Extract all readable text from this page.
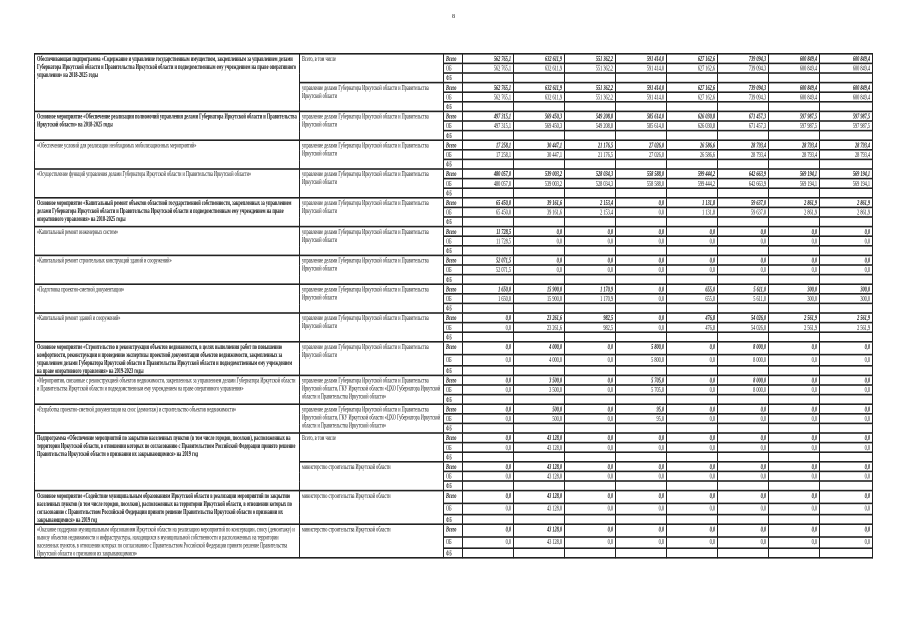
8
Обеспечивающая подпрограмма «Содержание и управление государственным имуществом, закрепленным за управлением делами Губернатора Иркутской области и Правительства Иркутской области и подведомственным ему учреждением на праве оперативного управления» на 2018-2025 годы	Всего, в том числе	Всего	562 765,1	632 611,9	551 362,2	591 414,0	627 162,6	739 094,3	600 849,4	600 849,4
		ОБ	562 765,1	632 611,9	551 362,2	591 414,0	627 162,6	739 094,3	600 849,4	600 849,4
		ФБ								
	управление делами Губернатора Иркутской области и Правительства Иркутской области	Всего	562 765,1	632 611,9	551 362,2	591 414,0	627 162,6	739 094,3	600 849,4	600 849,4
		ОБ	562 765,1	632 611,9	551 362,2	591 414,0	627 162,6	739 094,3	600 849,4	600 849,4
		ФБ								
Основное мероприятие «Обеспечение реализации полномочий управления делами Губернатора Иркутской области и Правительства Иркутской области» на 2018-2025 годы	управление делами Губернатора Иркутской области и Правительства Иркутской области	Всего	497 315,1	569 450,3	549 208,8	585 614,0	626 030,8	671 457,3	597 987,5	597 987,5
		ОБ	497 315,1	569 450,3	549 208,8	585 614,0	626 030,8	671 457,3	597 987,5	597 987,5
		ФБ								
«Обеспечение условий для реализации необходимых мобилизационных мероприятий»	управление делами Губернатора Иркутской области и Правительства Иркутской области	Всего	17 258,1	30 447,1	21 176,5	27 026,0	26 586,6	28 793,4	28 793,4	28 793,4
		ОБ	17 258,1	30 447,1	21 176,5	27 026,0	26 586,6	28 793,4	28 793,4	28 793,4
		ФБ								
«Осуществление функций управления делами Губернатора Иркутской области и Правительства Иркутской области»	управление делами Губернатора Иркутской области и Правительства Иркутской области	Всего	480 057,0	539 003,2	528 034,3	558 588,0	599 444,2	642 663,9	569 194,1	569 194,1
		ОБ	480 057,0	539 003,2	528 034,3	558 588,0	599 444,2	642 663,9	569 194,1	569 194,1
		ФБ								
Основное мероприятие «Капитальный ремонт объектов областной государственной собственности, закрепленных за управлением делами Губернатора Иркутской области и Правительства Иркутской области и подведомственным ему учреждением на праве оперативного управления» на 2018-2025 годы	управление делами Губернатора Иркутской области и Правительства Иркутской области	Всего	65 450,0	39 161,6	2 153,4	0,0	1 131,8	59 637,0	2 861,9	2 861,9
		ОБ	65 450,0	39 161,6	2 153,4	0,0	1 131,8	59 637,0	2 861,9	2 861,9
		ФБ								
«Капитальный ремонт инженерных систем»	управление делами Губернатора Иркутской области и Правительства Иркутской области	Всего	11 728,5	0,0	0,0	0,0	0,0	0,0	0,0	0,0
		ОБ	11 728,5	0,0	0,0	0,0	0,0	0,0	0,0	0,0
		ФБ								
«Капитальный ремонт строительных конструкций зданий и сооружений»	управление делами Губернатора Иркутской области и Правительства Иркутской области	Всего	52 071,5	0,0	0,0	0,0	0,0	0,0	0,0	0,0
		ОБ	52 071,5	0,0	0,0	0,0	0,0	0,0	0,0	0,0
		ФБ								
«Подготовка проектно-сметной документации»	управление делами Губернатора Иркутской области и Правительства Иркутской области	Всего	1 650,0	15 900,0	1 170,9	0,0	655,0	5 611,0	300,0	300,0
		ОБ	1 650,0	15 900,0	1 170,9	0,0	655,0	5 611,0	300,0	300,0
		ФБ								
«Капитальный ремонт зданий и сооружений»	управление делами Губернатора Иркутской области и Правительства Иркутской области	Всего	0,0	23 261,6	982,5	0,0	476,8	54 026,0	2 561,9	2 561,9
		ОБ	0,0	23 261,6	982,5	0,0	476,8	54 026,0	2 561,9	2 561,9
		ФБ								
Основное мероприятие «Строительство и реконструкция объектов недвижимости, в целях выполнения работ по повышению комфортности, реконструкции и проведению экспертизы проектной документации объектов недвижимости, закрепленных за управлением делами Губернатора Иркутской области и Правительства Иркутской области и подведомственным ему учреждением на праве оперативного управления» на 2019-2023 годы	управление делами Губернатора Иркутской области и Правительства Иркутской области	Всего	0,0	4 000,0	0,0	5 800,0	0,0	8 000,0	0,0	0,0
		ОБ	0,0	4 000,0	0,0	5 800,0	0,0	8 000,0	0,0	0,0
		ФБ								
«Мероприятия, связанные с реконструкцией объектов недвижимости, закрепленных за управлением делами Губернатора Иркутской области и Правительства Иркутской области и подведомственным ему учреждением на праве оперативного управления»	управление делами Губернатора Иркутской области и Правительства Иркутской области, ГКУ Иркутской области «ЦХО Губернатора Иркутской области и Правительства Иркутской области»	Всего	0,0	3 500,0	0,0	5 705,0	0,0	8 000,0	0,0	0,0
		ОБ	0,0	3 500,0	0,0	5 705,0	0,0	8 000,0	0,0	0,0
		ФБ								
«Разработка проектно-сметной документации на снос (демонтаж) и строительство объектов недвижимости»	управление делами Губернатора Иркутской области и Правительства Иркутской области, ГКУ Иркутской области «ЦХО Губернатора Иркутской области и Правительства Иркутской области»	Всего	0,0	500,0	0,0	95,0	0,0	0,0	0,0	0,0
		ОБ	0,0	500,0	0,0	95,0	0,0	0,0	0,0	0,0
		ФБ								
Подпрограмма «Обеспечение мероприятий по закрытию населенных пунктов (в том числе городов, поселков), расположенных на территории Иркутской области, в отношении которых по согласованию с Правительством Российской Федерации принято решение Правительства Иркутской области о признании их закрывающимися» на 2019 год	Всего, в том числе	Всего	0,0	43 128,0	0,0	0,0	0,0	0,0	0,0	0,0
		ОБ	0,0	43 128,0	0,0	0,0	0,0	0,0	0,0	0,0
		ФБ								
	министерство строительства Иркутской области	Всего	0,0	43 128,0	0,0	0,0	0,0	0,0	0,0	0,0
		ОБ	0,0	43 128,0	0,0	0,0	0,0	0,0	0,0	0,0
		ФБ								
Основное мероприятие «Содействие муниципальным образованиям Иркутской области в реализации мероприятий по закрытию населенных пунктов (в том числе городов, поселков), расположенных на территории Иркутской области, в отношении которых по согласованию с Правительством Российской Федерации принято решение Правительства Иркутской области о признании их закрывающимися» на 2019 год	министерство строительства Иркутской области	Всего	0,0	43 128,0	0,0	0,0	0,0	0,0	0,0	0,0
		ОБ	0,0	43 128,0	0,0	0,0	0,0	0,0	0,0	0,0
		ФБ								
«Оказание поддержки муниципальным образованиям Иркутской области на реализацию мероприятий по консервации, сносу (демонтажу) и вывозу объектов недвижимости и инфраструктуры, находящихся в муниципальной собственности и расположенных на территории населенных пунктов, в отношении которых по согласованию с Правительством Российской Федерации принято решение Правительства Иркутской области о признании их закрывающимися»	министерство строительства Иркутской области	Всего	0,0	43 128,0	0,0	0,0	0,0	0,0	0,0	0,0
		ОБ	0,0	43 128,0	0,0	0,0	0,0	0,0	0,0	0,0
		ФБ								
